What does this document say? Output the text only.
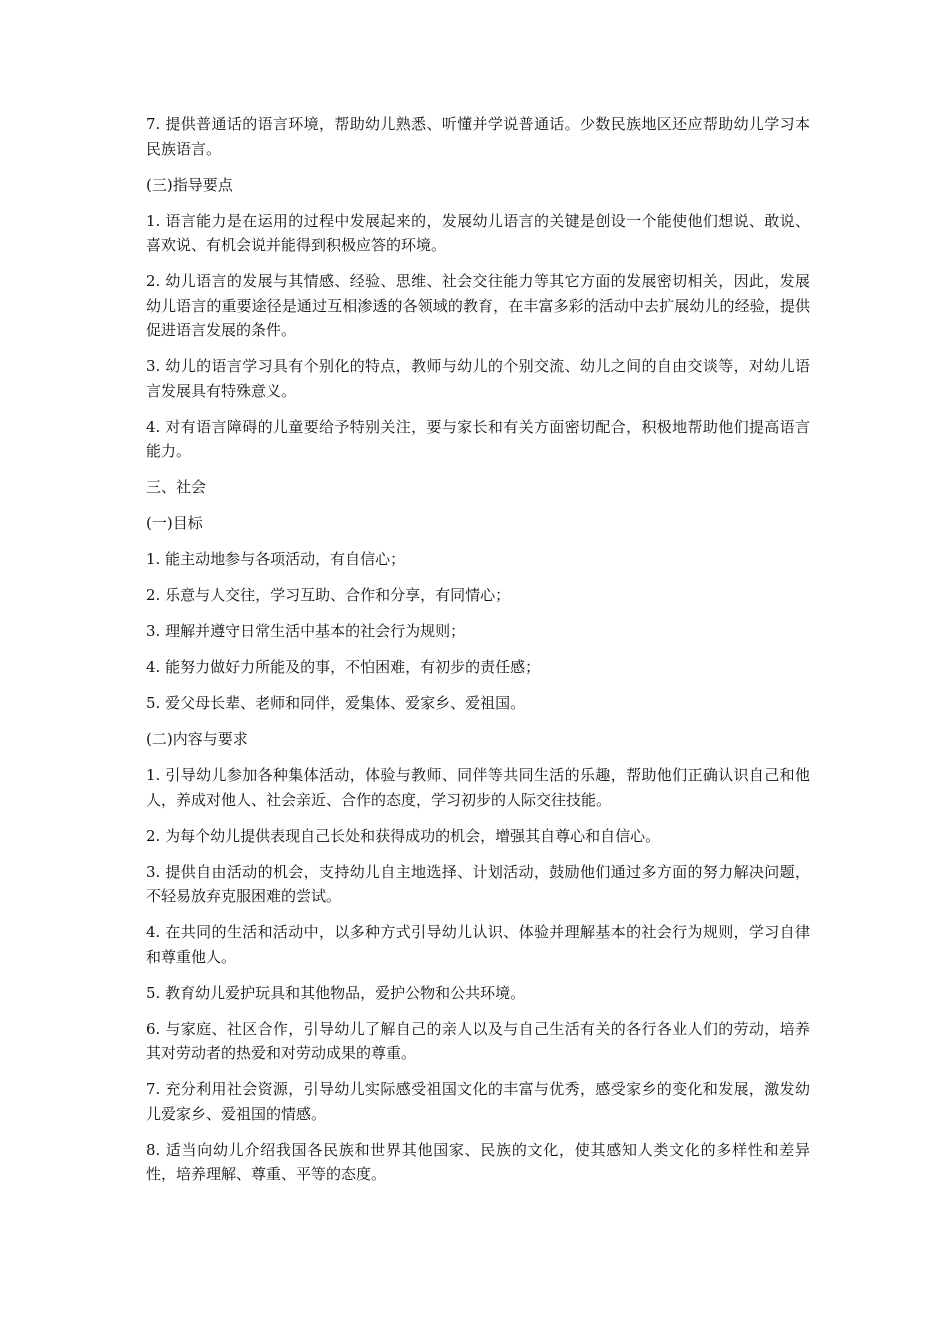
7. 提供普通话的语言环境，帮助幼儿熟悉、听懂并学说普通话。少数民族地区还应帮助幼儿学习本民族语言。

(三)指导要点

1. 语言能力是在运用的过程中发展起来的，发展幼儿语言的关键是创设一个能使他们想说、敢说、喜欢说、有机会说并能得到积极应答的环境。

2. 幼儿语言的发展与其情感、经验、思维、社会交往能力等其它方面的发展密切相关，因此，发展幼儿语言的重要途径是通过互相渗透的各领域的教育，在丰富多彩的活动中去扩展幼儿的经验，提供促进语言发展的条件。

3. 幼儿的语言学习具有个别化的特点，教师与幼儿的个别交流、幼儿之间的自由交谈等，对幼儿语言发展具有特殊意义。

4. 对有语言障碍的儿童要给予特别关注，要与家长和有关方面密切配合，积极地帮助他们提高语言能力。

三、社会

(一)目标

1. 能主动地参与各项活动，有自信心；

2. 乐意与人交往，学习互助、合作和分享，有同情心；

3. 理解并遵守日常生活中基本的社会行为规则；

4. 能努力做好力所能及的事，不怕困难，有初步的责任感；

5. 爱父母长辈、老师和同伴，爱集体、爱家乡、爱祖国。

(二)内容与要求

1. 引导幼儿参加各种集体活动，体验与教师、同伴等共同生活的乐趣，帮助他们正确认识自己和他人，养成对他人、社会亲近、合作的态度，学习初步的人际交往技能。

2. 为每个幼儿提供表现自己长处和获得成功的机会，增强其自尊心和自信心。

3. 提供自由活动的机会，支持幼儿自主地选择、计划活动，鼓励他们通过多方面的努力解决问题，不轻易放弃克服困难的尝试。

4. 在共同的生活和活动中，以多种方式引导幼儿认识、体验并理解基本的社会行为规则，学习自律和尊重他人。

5. 教育幼儿爱护玩具和其他物品，爱护公物和公共环境。

6. 与家庭、社区合作，引导幼儿了解自己的亲人以及与自己生活有关的各行各业人们的劳动，培养其对劳动者的热爱和对劳动成果的尊重。

7. 充分利用社会资源，引导幼儿实际感受祖国文化的丰富与优秀，感受家乡的变化和发展，激发幼儿爱家乡、爱祖国的情感。

8. 适当向幼儿介绍我国各民族和世界其他国家、民族的文化，使其感知人类文化的多样性和差异性，培养理解、尊重、平等的态度。
